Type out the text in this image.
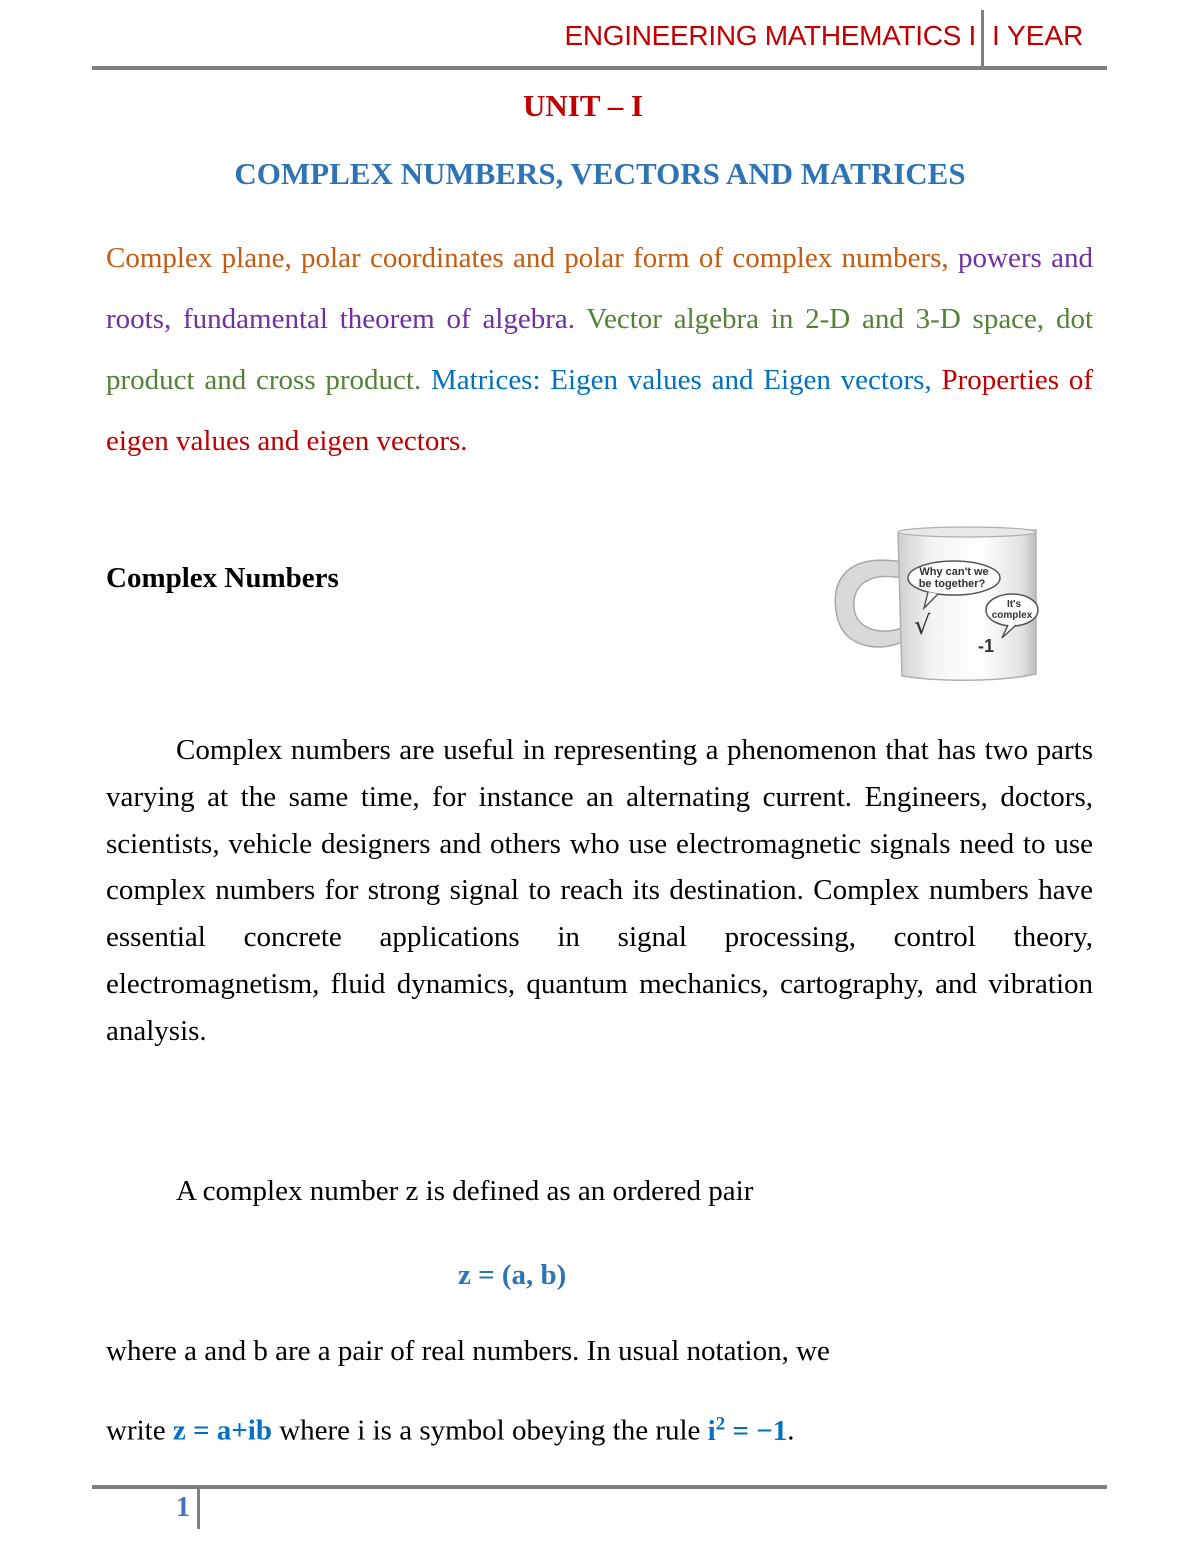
ENGINEERING MATHEMATICS I I YEAR
UNIT – I
COMPLEX NUMBERS, VECTORS AND MATRICES
Complex plane, polar coordinates and polar form of complex numbers, powers and roots, fundamental theorem of algebra. Vector algebra in 2-D and 3-D space, dot product and cross product. Matrices: Eigen values and Eigen vectors, Properties of eigen values and eigen vectors.
Complex Numbers	Why can't we
be together?
It's
complex
√
-1
Complex numbers are useful in representing a phenomenon that has two parts varying at the same time, for instance an alternating current. Engineers, doctors, scientists, vehicle designers and others who use electromagnetic signals need to use complex numbers for strong signal to reach its destination. Complex numbers have essential concrete applications in signal processing, control theory, electromagnetism, fluid dynamics, quantum mechanics, cartography, and vibration analysis.
A complex number z is defined as an ordered pair
z = (a, b)
where a and b are a pair of real numbers. In usual notation, we
write z = a+ib where i is a symbol obeying the rule $i^2 = -1$.
1
